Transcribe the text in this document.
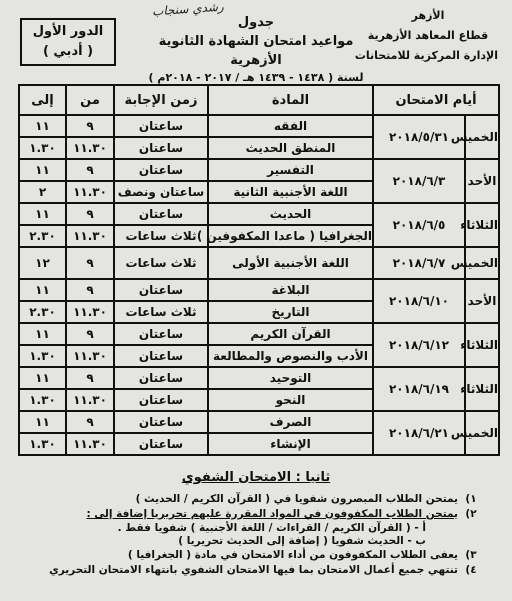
الأزهر
قطاع المعاهد الأزهرية
الإدارة المركزية للامتحانات
رشدي سنجاب
جدول
مواعيد امتحان الشهادة الثانوية الأزهرية
لسنة ( ١٤٣٨ - ١٤٣٩ هـ / ٢٠١٧ - ٢٠١٨م )
الدور الأول
( أدبي )
أيام الامتحان		المادة	زمن الإجابة	من	إلى
الخميس	٢٠١٨/٥/٣١	الفقه	ساعتان	٩	١١
		المنطق الحديث	ساعتان	١١.٣٠	١.٣٠
الأحد	٢٠١٨/٦/٣	التفسير	ساعتان	٩	١١
		اللغة الأجنبية الثانية	ساعتان ونصف	١١.٣٠	٢
الثلاثاء	٢٠١٨/٦/٥	الحديث	ساعتان	٩	١١
		الجغرافيا ( ماعدا المكفوفين )	ثلاث ساعات	١١.٣٠	٢.٣٠
الخميس	٢٠١٨/٦/٧	اللغة الأجنبية الأولى	ثلاث ساعات	٩	١٢
الأحد	٢٠١٨/٦/١٠	البلاغة	ساعتان	٩	١١
		التاريخ	ثلاث ساعات	١١.٣٠	٢.٣٠
الثلاثاء	٢٠١٨/٦/١٢	القرآن الكريم	ساعتان	٩	١١
		الأدب والنصوص والمطالعة	ساعتان	١١.٣٠	١.٣٠
الثلاثاء	٢٠١٨/٦/١٩	التوحيد	ساعتان	٩	١١
		النحو	ساعتان	١١.٣٠	١.٣٠
الخميس	٢٠١٨/٦/٢١	الصرف	ساعتان	٩	١١
		الإنشاء	ساعتان	١١.٣٠	١.٣٠
ثانيا : الامتحان الشفوي
١)
يمتحن الطلاب المبصرون شفويا في ( القرآن الكريم / الحديث )
٢)
يمتحن الطلاب المكفوفون في المواد المقررة عليهم تحريريا إضافة إلى :
أ - ( القرآن الكريم / القراءات / اللغة الأجنبية ) شفويا فقط .
ب - الحديث شفويا ( إضافة إلى الحديث تحريريا )
٣)
يعفى الطلاب المكفوفون من أداء الامتحان في مادة ( الجغرافيا )
٤)
تنتهي جميع أعمال الامتحان بما فيها الامتحان الشفوي بانتهاء الامتحان التحريري
